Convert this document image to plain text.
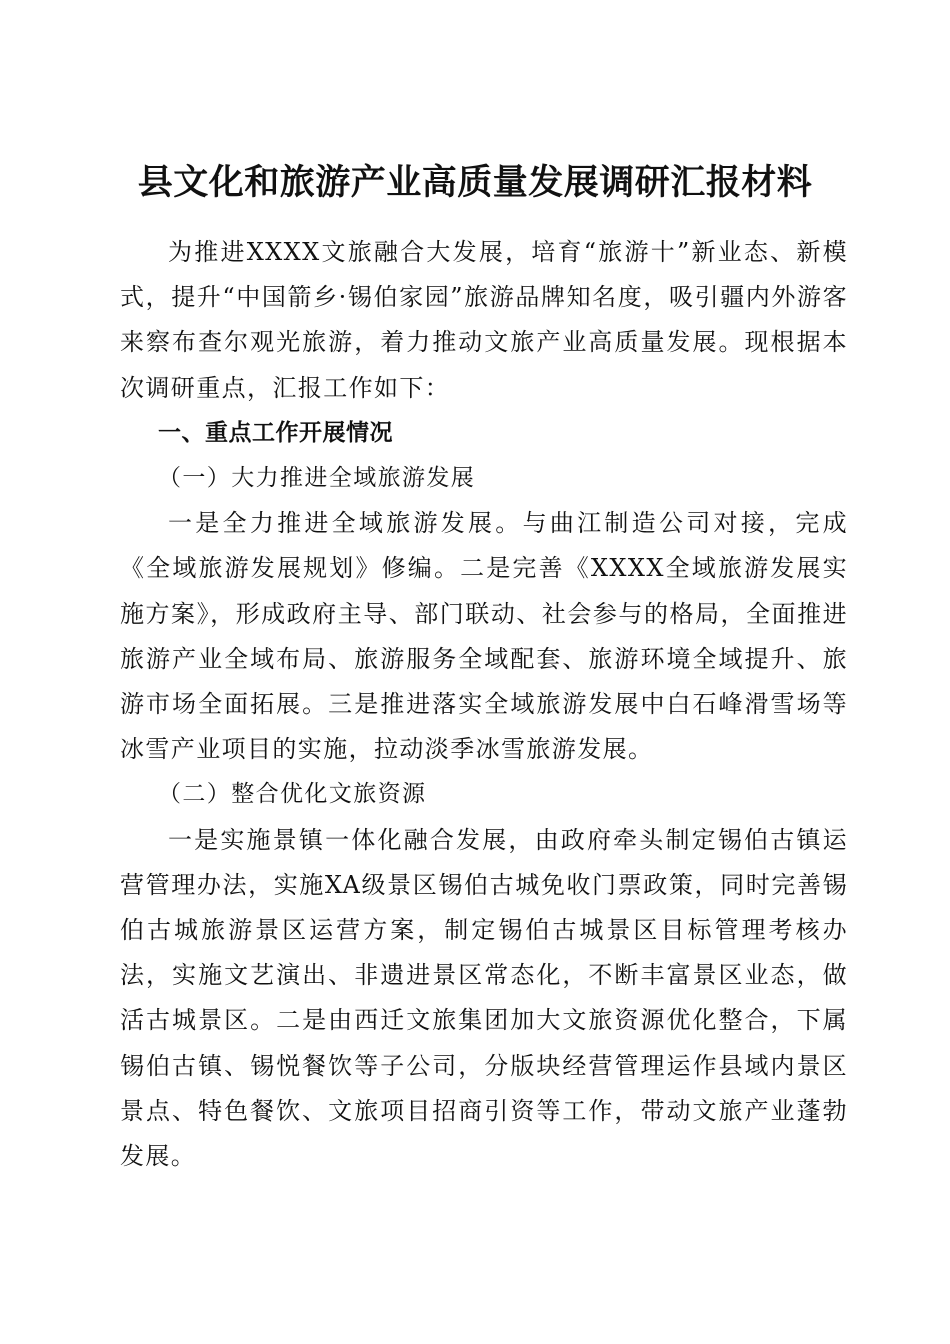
县文化和旅游产业高质量发展调研汇报材料

为推进XXXX文旅融合大发展，培育“旅游十”新业态、新模式，提升“中国箭乡·锡伯家园”旅游品牌知名度，吸引疆内外游客来察布查尔观光旅游，着力推动文旅产业高质量发展。现根据本次调研重点，汇报工作如下：

一、重点工作开展情况

（一）大力推进全域旅游发展

一是全力推进全域旅游发展。与曲江制造公司对接，完成《全域旅游发展规划》修编。二是完善《XXXX全域旅游发展实施方案》，形成政府主导、部门联动、社会参与的格局，全面推进旅游产业全域布局、旅游服务全域配套、旅游环境全域提升、旅游市场全面拓展。三是推进落实全域旅游发展中白石峰滑雪场等冰雪产业项目的实施，拉动淡季冰雪旅游发展。

（二）整合优化文旅资源

一是实施景镇一体化融合发展，由政府牵头制定锡伯古镇运营管理办法，实施XA级景区锡伯古城免收门票政策，同时完善锡伯古城旅游景区运营方案，制定锡伯古城景区目标管理考核办法，实施文艺演出、非遗进景区常态化，不断丰富景区业态，做活古城景区。二是由西迁文旅集团加大文旅资源优化整合，下属锡伯古镇、锡悦餐饮等子公司，分版块经营管理运作县域内景区景点、特色餐饮、文旅项目招商引资等工作，带动文旅产业蓬勃发展。
